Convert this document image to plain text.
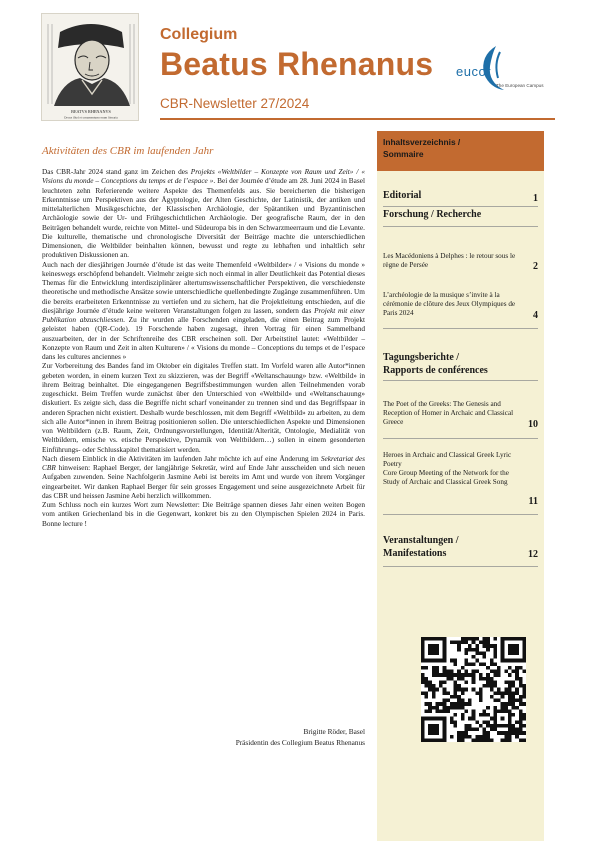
BEATVS RHENANVS
Decus illud et ornamentum rerum literaria
Collegium
Beatus Rhenanus
CBR-Newsletter 27/2024
eucor
The European Campus
Aktivitäten des CBR im laufenden Jahr

Das CBR-Jahr 2024 stand ganz im Zeichen des Projekts «Weltbilder – Konzepte von Raum und Zeit» / « Visions du monde – Conceptions du temps et de l’espace ». Bei der Journée d’étude am 28. Juni 2024 in Basel leuchteten zehn Referierende weitere Aspekte des Themenfelds aus. Sie bereicherten die bisherigen Erkenntnisse um Perspektiven aus der Ägyptologie, der Alten Geschichte, der Latinistik, der antiken und mittelalterlichen Musikgeschichte, der Klassischen Archäologie, der Spätantiken und Byzantinischen Archäologie sowie der Ur- und Frühgeschichtlichen Archäologie. Der geografische Raum, der in den Beiträgen behandelt wurde, reichte von Mittel- und Südeuropa bis in den Schwarzmeerraum und die Levante. Die kulturelle, thematische und chronologische Diversität der Beiträge machte die unterschiedlichen Dimensionen, die Weltbilder beinhalten können, bewusst und regte zu lebhaften und inhaltlich sehr produktiven Diskussionen an.

Auch nach der diesjährigen Journée d’étude ist das weite Themenfeld «Weltbilder» / « Visions du monde » keineswegs erschöpfend behandelt. Vielmehr zeigte sich noch einmal in aller Deutlichkeit das Potential dieses Themas für die Entwicklung interdisziplinärer altertumswissenschaftlicher Perspektiven, die verschiedenste theoretische und methodische Ansätze sowie unterschiedliche quellenbedingte Zugänge zusammenführen. Um die bereits erarbeiteten Erkenntnisse zu vertiefen und zu sichern, hat die Projektleitung entschieden, auf die diesjährige Journée d’étude keine weiteren Veranstaltungen folgen zu lassen, sondern das Projekt mit einer Publikation abzuschliessen. Zu ihr wurden alle Forschenden eingeladen, die einen Beitrag zum Projekt geleistet haben (QR-Code). 19 Forschende haben zugesagt, ihren Vortrag für einen Sammelband auszuarbeiten, der in der Schriftenreihe des CBR erscheinen soll. Der Arbeitstitel lautet: «Weltbilder – Konzepte von Raum und Zeit in alten Kulturen» / « Visions du monde – Conceptions du temps et de l’espace dans les cultures anciennes »

Zur Vorbereitung des Bandes fand im Oktober ein digitales Treffen statt. Im Vorfeld waren alle Autor*innen gebeten worden, in einem kurzen Text zu skizzieren, was der Begriff «Weltanschauung» bzw. «Weltbild» in ihrem Beitrag beinhaltet. Die eingegangenen Begriffsbestimmungen wurden allen Teilnehmenden vorab zugeschickt. Beim Treffen wurde zunächst über den Unterschied von «Weltbild» und «Weltanschauung» diskutiert. Es zeigte sich, dass die Begriffe nicht scharf voneinander zu trennen sind und das Begriffspaar in anderen Sprachen nicht existiert. Deshalb wurde beschlossen, mit dem Begriff «Weltbild» zu arbeiten, zu dem sich alle Autor*innen in ihrem Beitrag positionieren sollen. Die unterschiedlichen Aspekte und Dimensionen von Weltbildern (z.B. Raum, Zeit, Ordnungsvorstellungen, Identität/Alterität, Ontologie, Medialität von Weltbildern, emische vs. etische Perspektive, Dynamik von Weltbildern…) sollen in einem gesonderten Einführungs- oder Schlusskapitel thematisiert werden.

Nach diesem Einblick in die Aktivitäten im laufenden Jahr möchte ich auf eine Änderung im Sekretariat des CBR hinweisen: Raphael Berger, der langjährige Sekretär, wird auf Ende Jahr ausscheiden und sich neuen Aufgaben zuwenden. Seine Nachfolgerin Jasmine Aebi ist bereits im Amt und wurde von ihrem Vorgänger eingearbeitet. Wir danken Raphael Berger für sein grosses Engagement und seine ausgezeichnete Arbeit für das CBR und heissen Jasmine Aebi herzlich willkommen.

Zum Schluss noch ein kurzes Wort zum Newsletter: Die Beiträge spannen dieses Jahr einen weiten Bogen vom antiken Griechenland bis in die Gegenwart, konkret bis zu den Olympischen Spielen 2024 in Paris. Bonne lecture !

Brigitte Röder, Basel
Präsidentin des Collegium Beatus Rhenanus
Inhaltsverzeichnis /
Sommaire
Editorial	1
Forschung / Recherche
Les Macédoniens à Delphes : le retour sous le règne de Persée	2
L’archéologie de la musique s’invite à la cérémonie de clôture des Jeux Olympiques de Paris 2024	4
Tagungsberichte /
Rapports de conférences
The Poet of the Greeks: The Genesis and Reception of Homer in Archaic and Classical Greece	10
Heroes in Archaic and Classical Greek Lyric Poetry
Core Group Meeting of the Network for the Study of Archaic and Classical Greek Song
11
Veranstaltungen /
Manifestations	12
